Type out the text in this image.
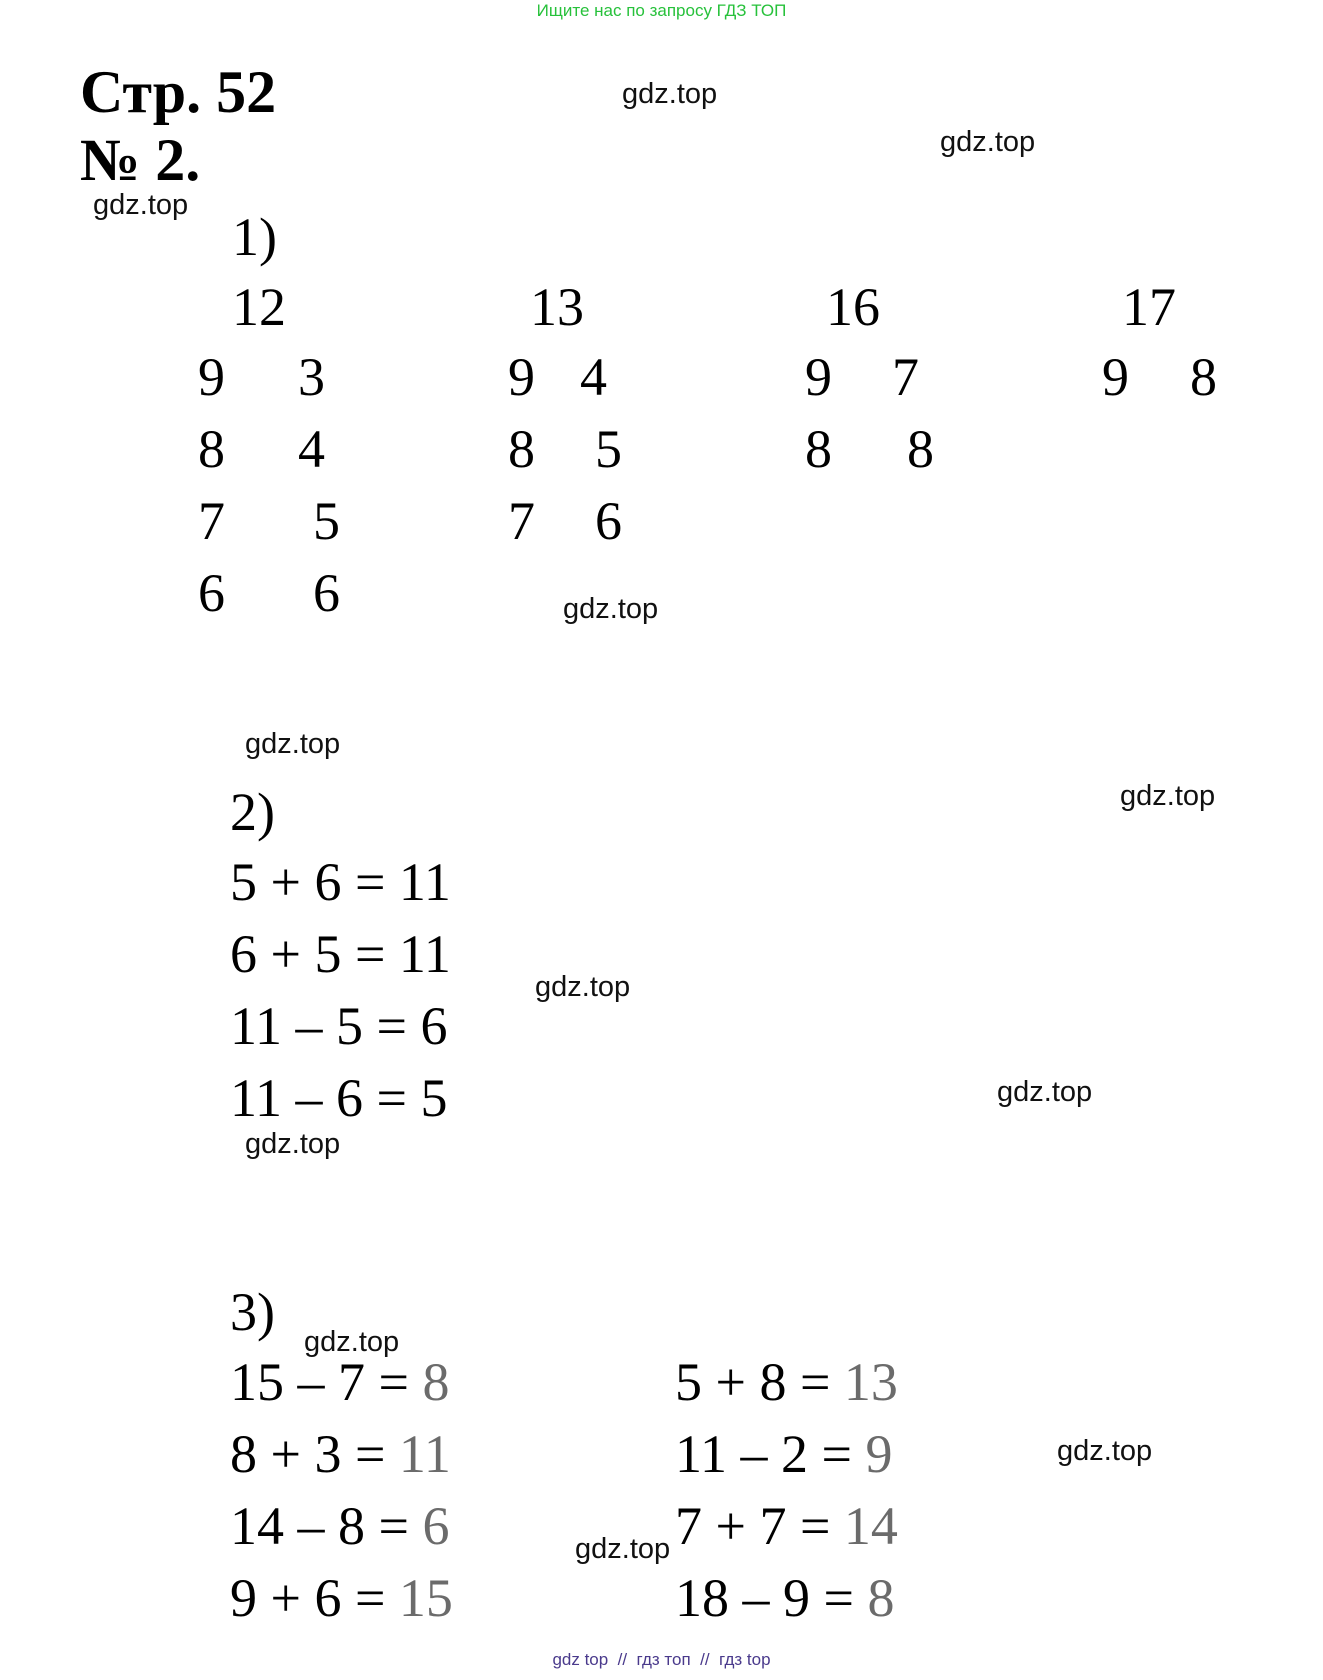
Ищите нас по запросу ГДЗ ТОП
Стр. 52
№ 2.
gdz.top
gdz.top
gdz.top
gdz.top
gdz.top
gdz.top
gdz.top
gdz.top
gdz.top
gdz.top
gdz.top
gdz.top
1)
12
9 3
8 4
7 5
6 6
13
9 4
8 5
7 6
16
9 7
8 8
17
9 8
2)
5 + 6 = 11
6 + 5 = 11
11 – 5 = 6
11 – 6 = 5
3)
15 – 7 = 8
8 + 3 = 11
14 – 8 = 6
9 + 6 = 15
5 + 8 = 13
11 – 2 = 9
7 + 7 = 14
18 – 9 = 8
gdz top  //  гдз топ  //  гдз top
